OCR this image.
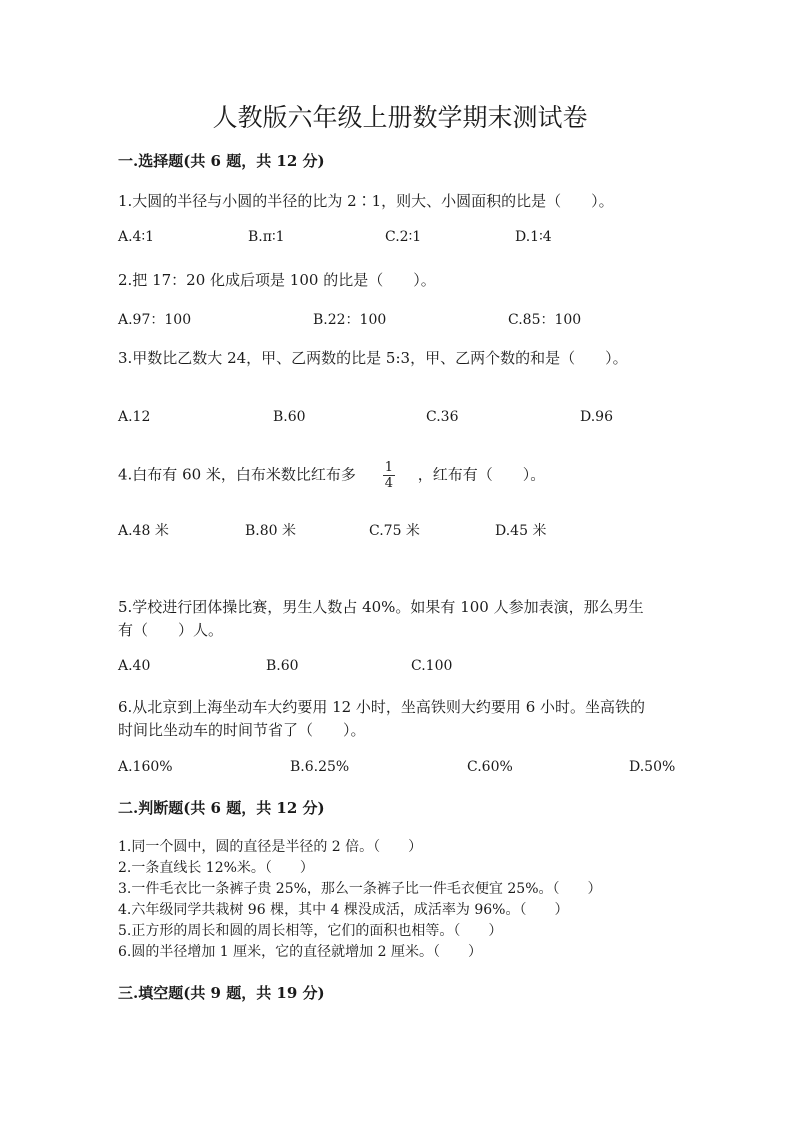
人教版六年级上册数学期末测试卷
一.选择题(共 6 题，共 12 分)
1.大圆的半径与小圆的半径的比为 2∶1，则大、小圆面积的比是（　　）。
A.4∶1	B.π∶1	C.2∶1	D.1∶4
2.把 17：20 化成后项是 100 的比是（　　）。
A.97：100	B.22：100	C.85：100
3.甲数比乙数大 24，甲、乙两数的比是 5:3，甲、乙两个数的和是（　　）。
A.12	B.60	C.36	D.96
4.白布有 60 米，白布米数比红布多 $\frac{1}{4}$ ，红布有（　　）。
A.48 米	B.80 米	C.75 米	D.45 米
5.学校进行团体操比赛，男生人数占 40%。如果有 100 人参加表演，那么男生
有（　　）人。
A.40	B.60	C.100
6.从北京到上海坐动车大约要用 12 小时，坐高铁则大约要用 6 小时。坐高铁的
时间比坐动车的时间节省了（　　）。
A.160%	B.6.25%	C.60%	D.50%
二.判断题(共 6 题，共 12 分)
1.同一个圆中，圆的直径是半径的 2 倍。（　　）
2.一条直线长 12%米。（　　）
3.一件毛衣比一条裤子贵 25%，那么一条裤子比一件毛衣便宜 25%。（　　）
4.六年级同学共栽树 96 棵，其中 4 棵没成活，成活率为 96%。（　　）
5.正方形的周长和圆的周长相等，它们的面积也相等。（　　）
6.圆的半径增加 1 厘米，它的直径就增加 2 厘米。（　　）
三.填空题(共 9 题，共 19 分)
